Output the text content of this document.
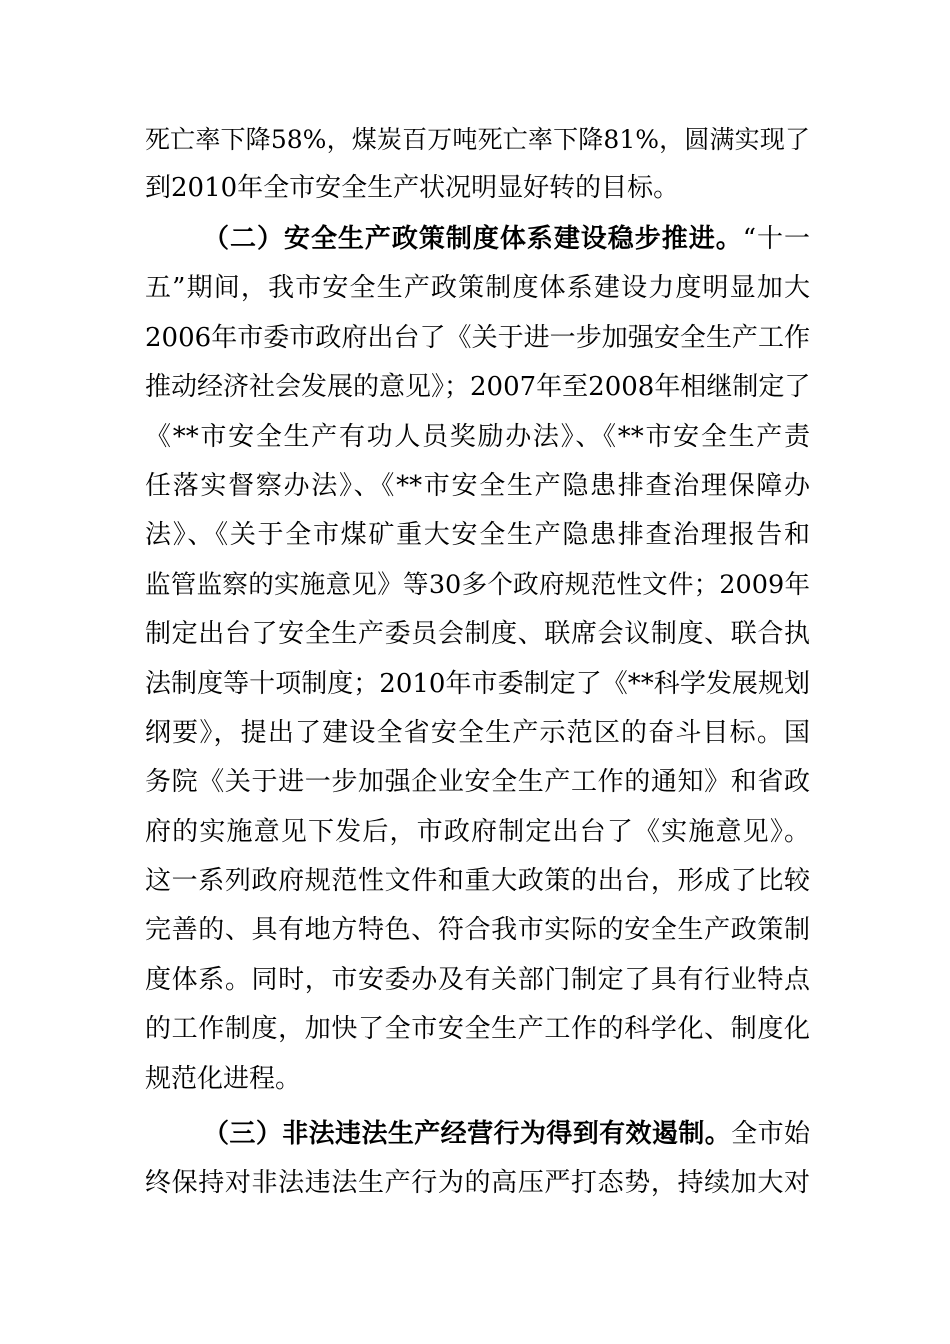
死亡率下降58%，煤炭百万吨死亡率下降81%，圆满实现了
到2010年全市安全生产状况明显好转的目标。
（二）安全生产政策制度体系建设稳步推进。“十一
五”期间，我市安全生产政策制度体系建设力度明显加大
2006年市委市政府出台了《关于进一步加强安全生产工作
推动经济社会发展的意见》；2007年至2008年相继制定了
《**市安全生产有功人员奖励办法》、《**市安全生产责
任落实督察办法》、《**市安全生产隐患排查治理保障办
法》、《关于全市煤矿重大安全生产隐患排查治理报告和
监管监察的实施意见》等30多个政府规范性文件；2009年
制定出台了安全生产委员会制度、联席会议制度、联合执
法制度等十项制度；2010年市委制定了《**科学发展规划
纲要》，提出了建设全省安全生产示范区的奋斗目标。国
务院《关于进一步加强企业安全生产工作的通知》和省政
府的实施意见下发后，市政府制定出台了《实施意见》。
这一系列政府规范性文件和重大政策的出台，形成了比较
完善的、具有地方特色、符合我市实际的安全生产政策制
度体系。同时，市安委办及有关部门制定了具有行业特点
的工作制度，加快了全市安全生产工作的科学化、制度化
规范化进程。
（三）非法违法生产经营行为得到有效遏制。全市始
终保持对非法违法生产行为的高压严打态势，持续加大对
